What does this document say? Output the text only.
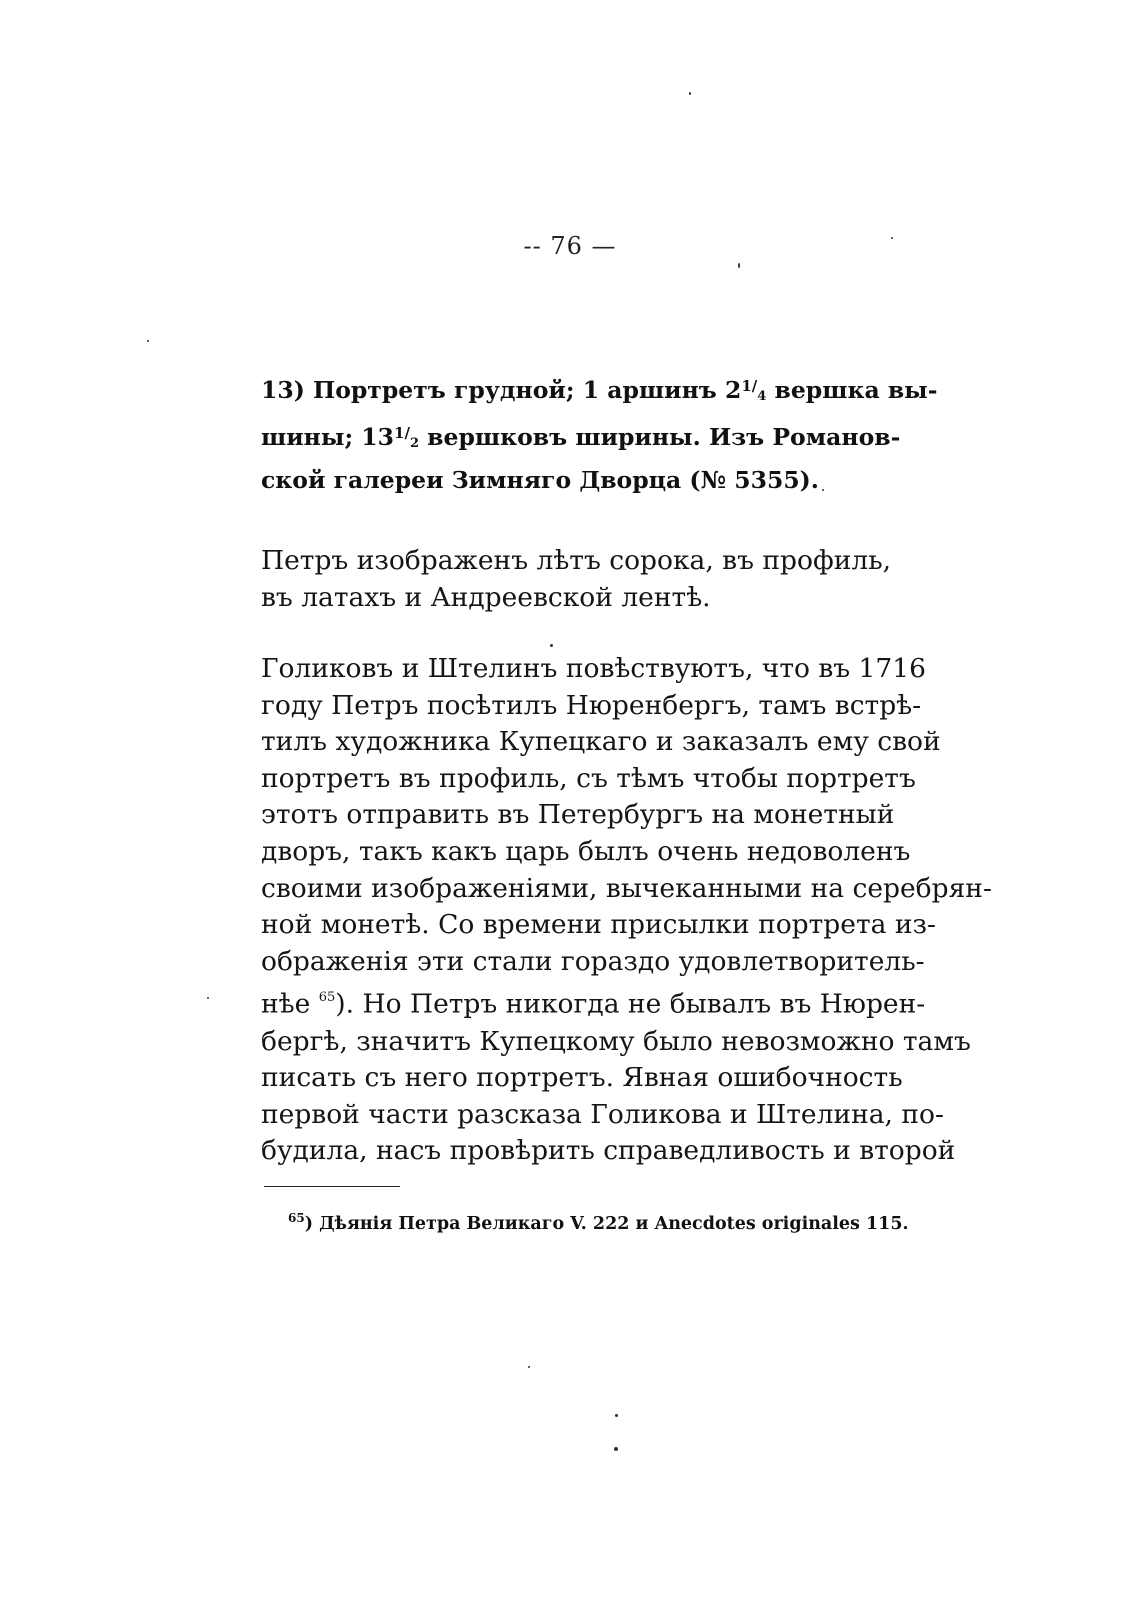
-- 76 —

13) Портретъ грудной; 1 аршинъ $2^{1/4}$ вершка вы-
шины; $13^{1/2}$ вершковъ ширины. Изъ Романов-
ской галереи Зимняго Дворца (№ 5355).

Петръ изображенъ лѣтъ сорока, въ профиль,
въ латахъ и Андреевской лентѣ.

Голиковъ и Штелинъ повѣствуютъ, что въ 1716
году Петръ посѣтилъ Нюренбергъ, тамъ встрѣ-
тилъ художника Купецкаго и заказалъ ему свой
портретъ въ профиль, съ тѣмъ чтобы портретъ
этотъ отправить въ Петербургъ на монетный
дворъ, такъ какъ царь былъ очень недоволенъ
своими изображеніями, вычеканными на серебрян-
ной монетѣ. Со времени присылки портрета из-
ображенія эти стали гораздо удовлетворитель-
нѣе $^{65}$). Но Петръ никогда не бывалъ въ Нюрен-
бергѣ, значитъ Купецкому было невозможно тамъ
писать съ него портретъ. Явная ошибочность
первой части разсказа Голикова и Штелина, по-
будила, насъ провѣрить справедливость и второй

$^{65}$) Дѣянія Петра Великаго V. 222 и Anecdotes originales 115.
